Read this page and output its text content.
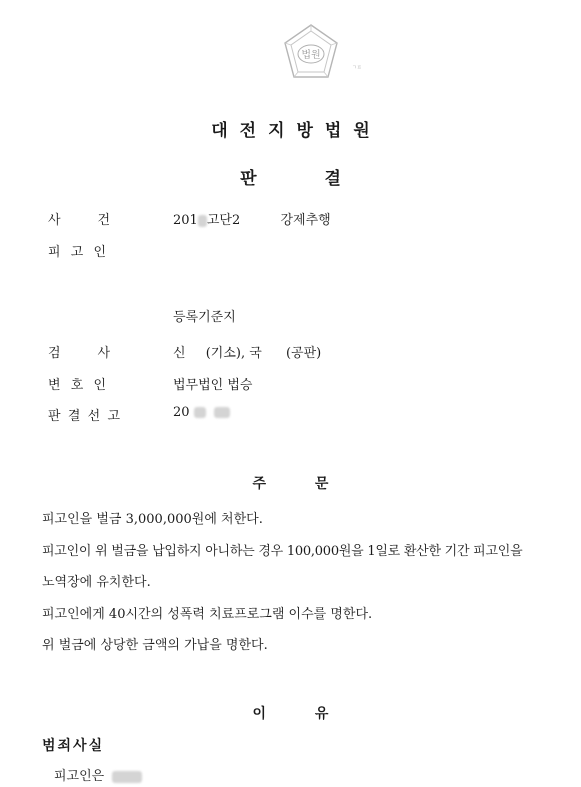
법원
ㄱㅍ
대전지방법원
판 결
사	건	201 고단2	강제추행
피 고 인
등록기준지
검	사	신 (기소), 국 (공판)
변 호 인	법무법인 법승
판 결 선 고	20
주 문
피고인을 벌금 3,000,000원에 처한다.
피고인이 위 벌금을 납입하지 아니하는 경우 100,000원을 1일로 환산한 기간 피고인을
노역장에 유치한다.
피고인에게 40시간의 성폭력 치료프로그램 이수를 명한다.
위 벌금에 상당한 금액의 가납을 명한다.
이 유
범죄사실
피고인은
